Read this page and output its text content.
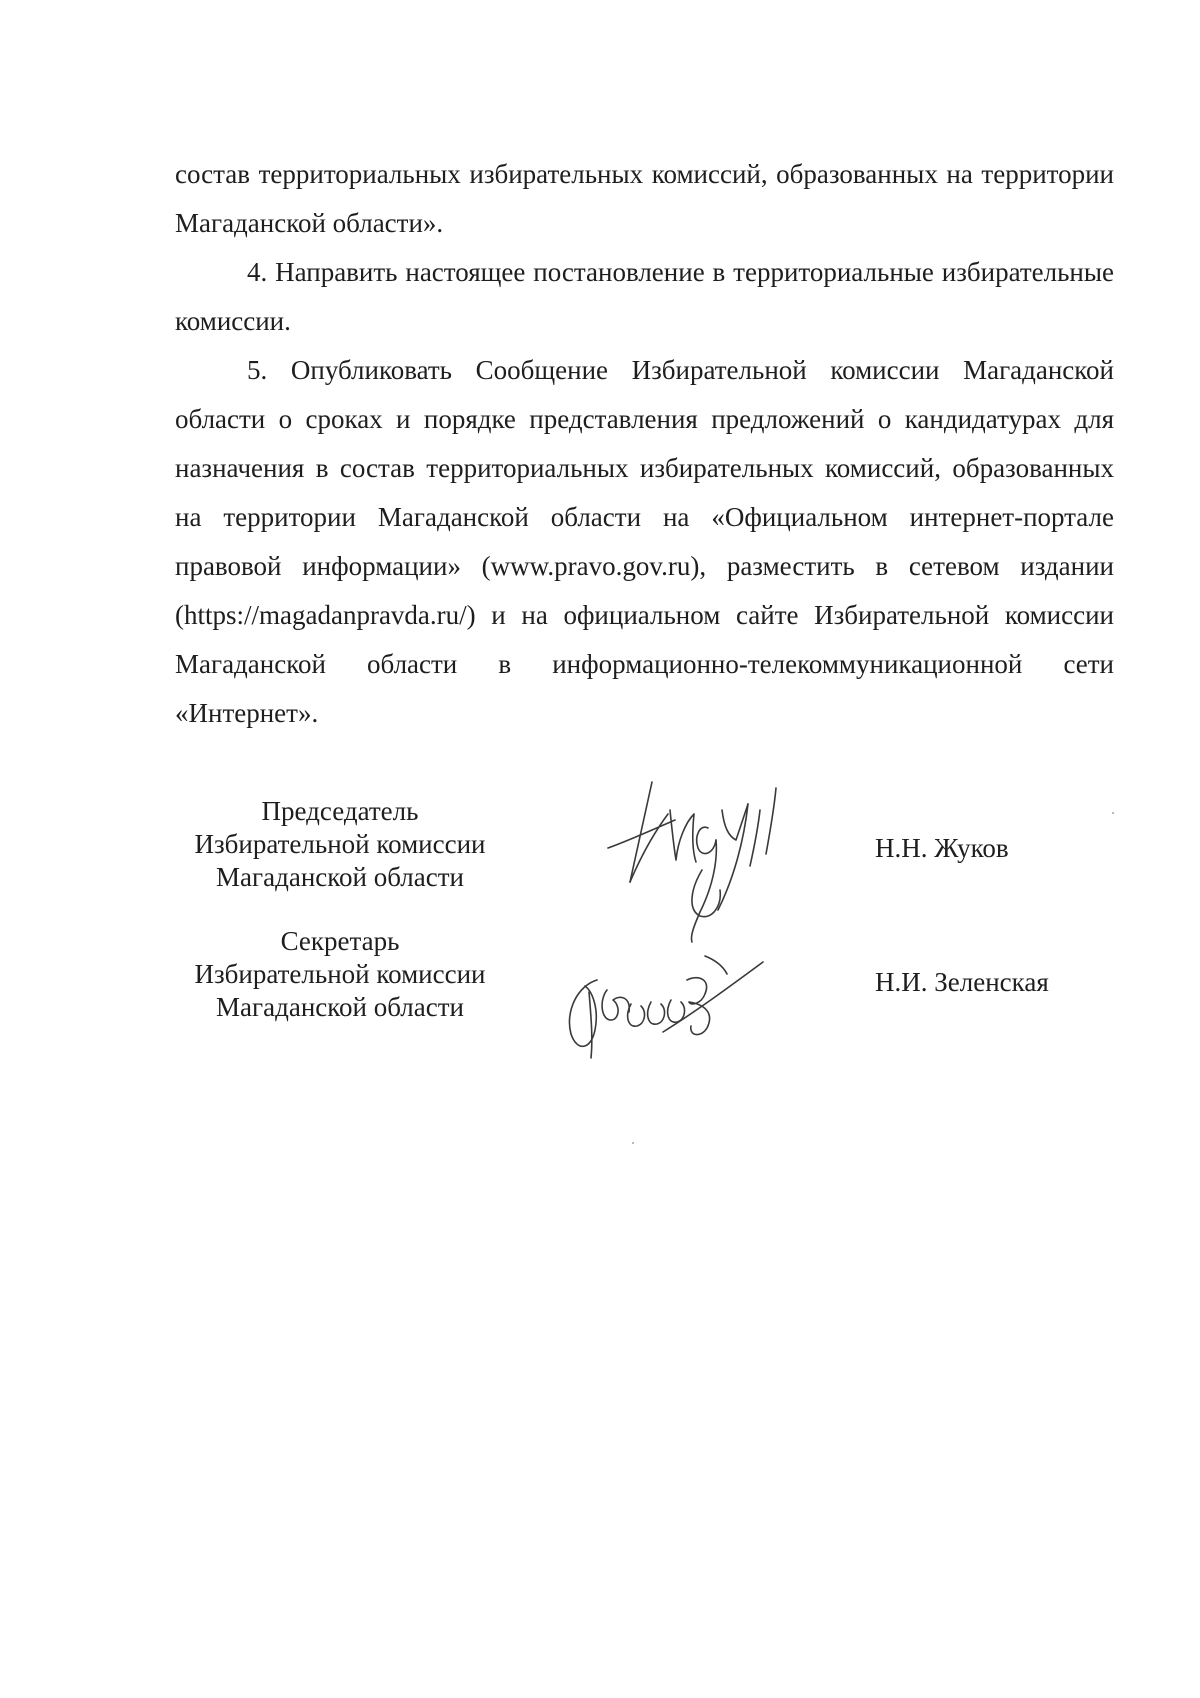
состав территориальных избирательных комиссий, образованных на территории Магаданской области».

4. Направить настоящее постановление в территориальные избирательные комиссии.

5. Опубликовать Сообщение Избирательной комиссии Магаданской области о сроках и порядке представления предложений о кандидатурах для назначения в состав территориальных избирательных комиссий, образованных на территории Магаданской области на «Официальном интернет-портале правовой информации» (www.pravo.gov.ru), разместить в сетевом издании (https://magadanpravda.ru/) и на официальном сайте Избирательной комиссии Магаданской области в информационно-телекоммуникационной сети «Интернет».

Председатель
Избирательной комиссии
Магаданской области
Н.Н. Жуков
Секретарь
Избирательной комиссии
Магаданской области
Н.И. Зеленская
